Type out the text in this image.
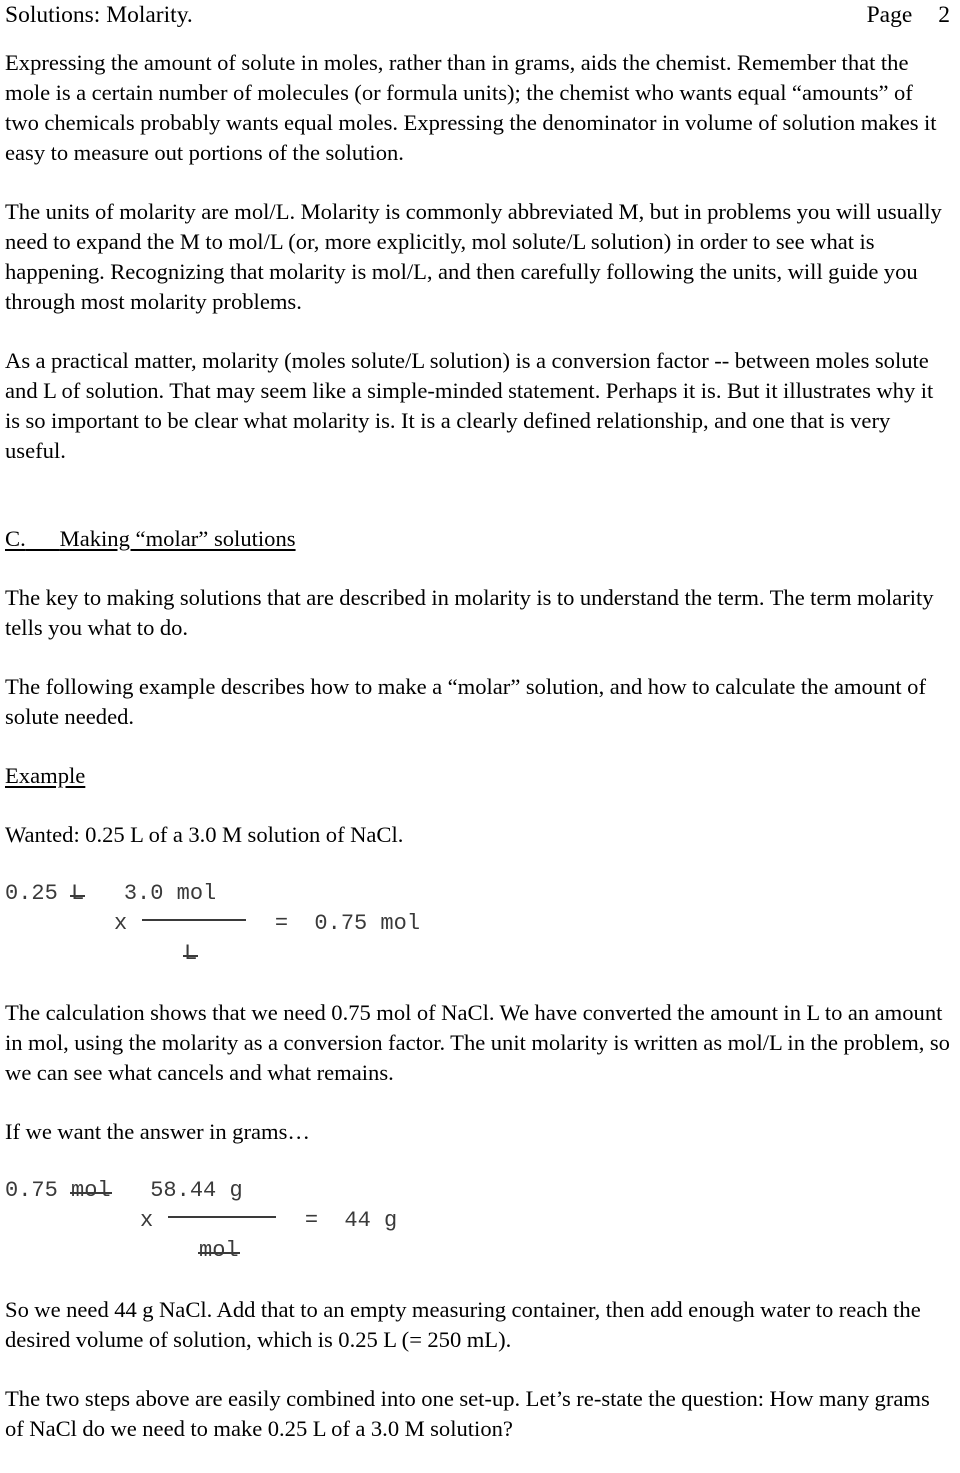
Solutions: Molarity.	Page 2

Expressing the amount of solute in moles, rather than in grams, aids the chemist. Remember that the mole is a certain number of molecules (or formula units); the chemist who wants equal “amounts” of two chemicals probably wants equal moles. Expressing the denominator in volume of solution makes it easy to measure out portions of the solution.

The units of molarity are mol/L. Molarity is commonly abbreviated M, but in problems you will usually need to expand the M to mol/L (or, more explicitly, mol solute/L solution) in order to see what is happening. Recognizing that molarity is mol/L, and then carefully following the units, will guide you through most molarity problems.

As a practical matter, molarity (moles solute/L solution) is a conversion factor -- between moles solute and L of solution. That may seem like a simple-minded statement. Perhaps it is. But it illustrates why it is so important to be clear what molarity is. It is a clearly defined relationship, and one that is very useful.

C. Making “molar” solutions

The key to making solutions that are described in molarity is to understand the term. The term molarity tells you what to do.

The following example describes how to make a “molar” solution, and how to calculate the amount of solute needed.

Example

Wanted: 0.25 L of a 3.0 M solution of NaCl.

0.25 L 3.0 mol

x	= 0.75 mol

L

The calculation shows that we need 0.75 mol of NaCl. We have converted the amount in L to an amount in mol, using the molarity as a conversion factor. The unit molarity is written as mol/L in the problem, so we can see what cancels and what remains.

If we want the answer in grams…

0.75 mol 58.44 g

x	= 44 g

mol

So we need 44 g NaCl. Add that to an empty measuring container, then add enough water to reach the desired volume of solution, which is 0.25 L (= 250 mL).

The two steps above are easily combined into one set-up. Let’s re-state the question: How many grams of NaCl do we need to make 0.25 L of a 3.0 M solution?
